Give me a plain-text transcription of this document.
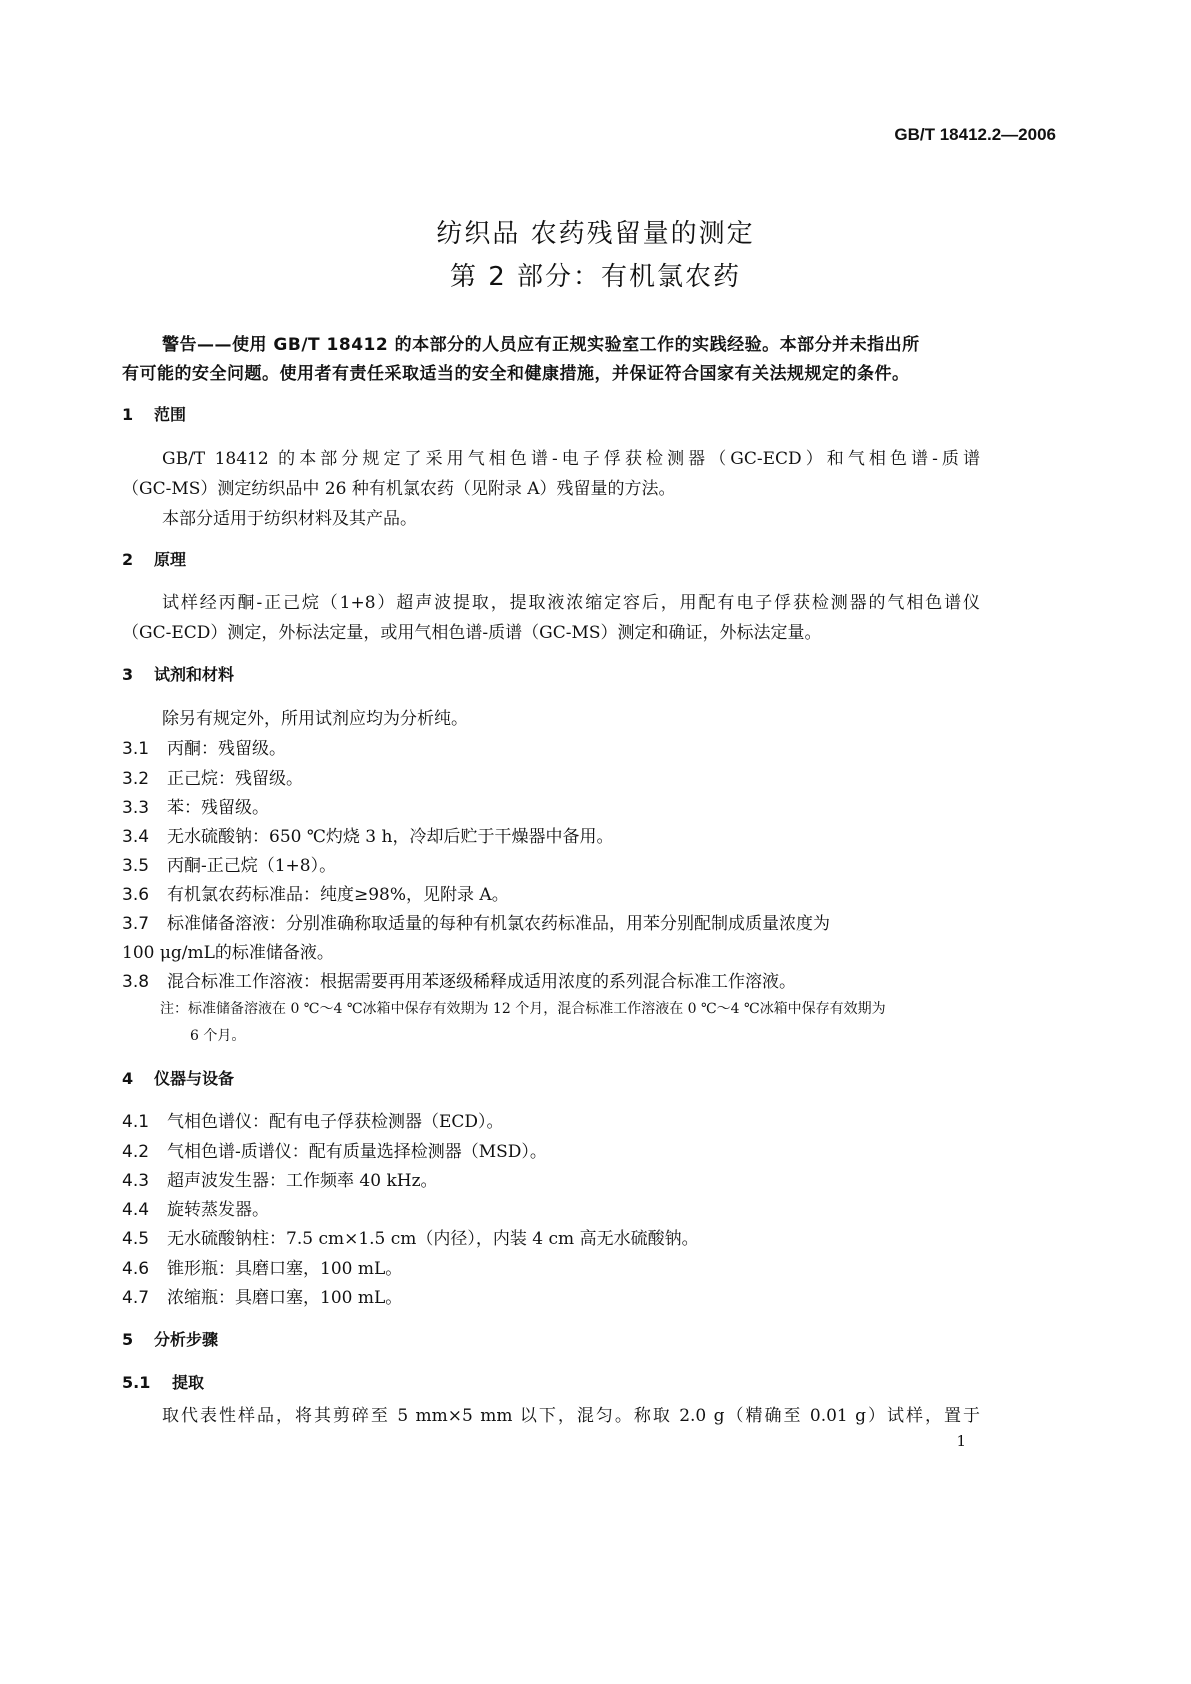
GB/T 18412.2—2006
纺织品 农药残留量的测定
第 2 部分：有机氯农药
警告——使用 GB/T 18412 的本部分的人员应有正规实验室工作的实践经验。本部分并未指出所
有可能的安全问题。使用者有责任采取适当的安全和健康措施，并保证符合国家有关法规规定的条件。
1 范围
GB/T 18412 的本部分规定了采用气相色谱-电子俘获检测器（GC-ECD）和气相色谱-质谱
（GC-MS）测定纺织品中 26 种有机氯农药（见附录 A）残留量的方法。
本部分适用于纺织材料及其产品。
2 原理
试样经丙酮-正己烷（1+8）超声波提取，提取液浓缩定容后，用配有电子俘获检测器的气相色谱仪
（GC-ECD）测定，外标法定量，或用气相色谱-质谱（GC-MS）测定和确证，外标法定量。
3 试剂和材料
除另有规定外，所用试剂应均为分析纯。
3.1 丙酮：残留级。
3.2 正己烷：残留级。
3.3 苯：残留级。
3.4 无水硫酸钠：650 ℃灼烧 3 h，冷却后贮于干燥器中备用。
3.5 丙酮-正己烷（1+8）。
3.6 有机氯农药标准品：纯度≥98%，见附录 A。
3.7 标准储备溶液：分别准确称取适量的每种有机氯农药标准品，用苯分别配制成质量浓度为
100 μg/mL的标准储备液。
3.8 混合标准工作溶液：根据需要再用苯逐级稀释成适用浓度的系列混合标准工作溶液。
注：标准储备溶液在 0 ℃～4 ℃冰箱中保存有效期为 12 个月，混合标准工作溶液在 0 ℃～4 ℃冰箱中保存有效期为
6 个月。
4 仪器与设备
4.1 气相色谱仪：配有电子俘获检测器（ECD）。
4.2 气相色谱-质谱仪：配有质量选择检测器（MSD）。
4.3 超声波发生器：工作频率 40 kHz。
4.4 旋转蒸发器。
4.5 无水硫酸钠柱：7.5 cm×1.5 cm（内径），内装 4 cm 高无水硫酸钠。
4.6 锥形瓶：具磨口塞，100 mL。
4.7 浓缩瓶：具磨口塞，100 mL。
5 分析步骤
5.1 提取
取代表性样品，将其剪碎至 5 mm×5 mm 以下，混匀。称取 2.0 g（精确至 0.01 g）试样，置于
1
